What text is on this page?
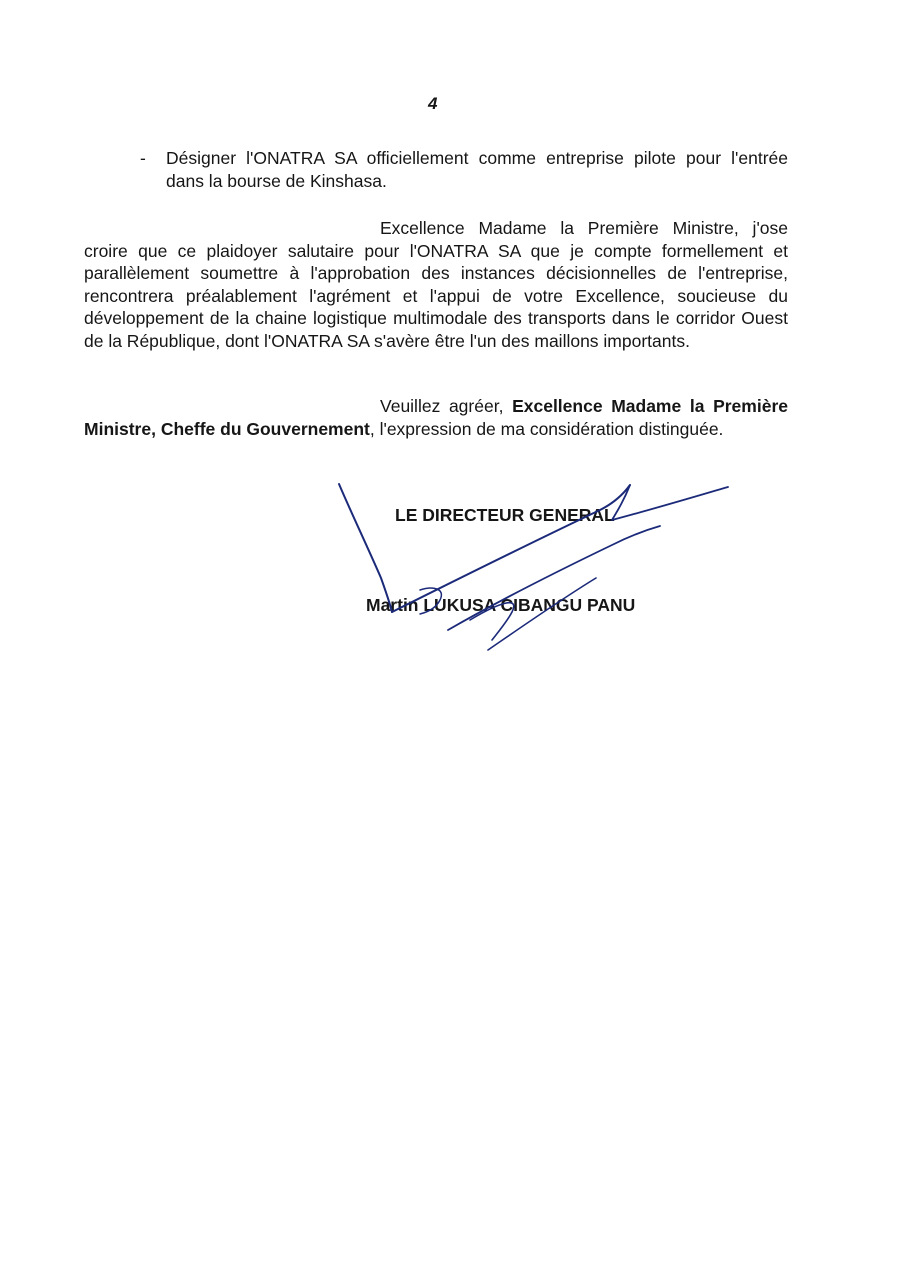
4
- Désigner l'ONATRA SA officiellement comme entreprise pilote pour l'entrée dans la bourse de Kinshasa.
Excellence Madame la Première Ministre, j'ose croire que ce plaidoyer salutaire pour l'ONATRA SA que je compte formellement et parallèlement soumettre à l'approbation des instances décisionnelles de l'entreprise, rencontrera préalablement l'agrément et l'appui de votre Excellence, soucieuse du développement de la chaine logistique multimodale des transports dans le corridor Ouest de la République, dont l'ONATRA SA s'avère être l'un des maillons importants.
Veuillez agréer, Excellence Madame la Première Ministre, Cheffe du Gouvernement, l'expression de ma considération distinguée.
LE DIRECTEUR GENERAL
Martin LUKUSA CIBANGU PANU
